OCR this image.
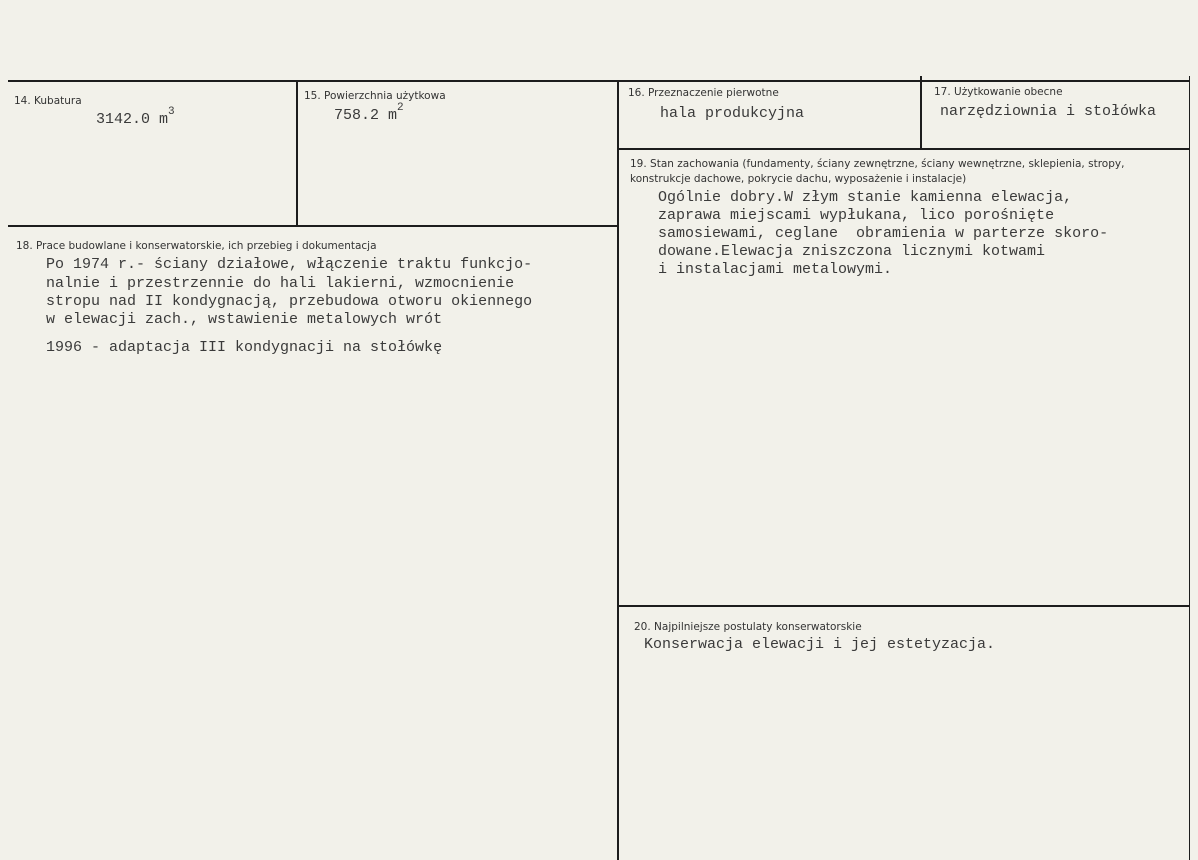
14. Kubatura
3142.0 $m^3$
15. Powierzchnia użytkowa
758.2 $m^2$
16. Przeznaczenie pierwotne
hala produkcyjna
17. Użytkowanie obecne
narzędziownia i stołówka
18. Prace budowlane i konserwatorskie, ich przebieg i dokumentacja
Po 1974 r.- ściany działowe, włączenie traktu funkcjo-
nalnie i przestrzennie do hali lakierni, wzmocnienie
stropu nad II kondygnacją, przebudowa otworu okiennego
w elewacji zach., wstawienie metalowych wrót
1996 - adaptacja III kondygnacji na stołówkę
19. Stan zachowania (fundamenty, ściany zewnętrzne, ściany wewnętrzne, sklepienia, stropy, konstrukcje dachowe, pokrycie dachu, wyposażenie i instalacje)
Ogólnie dobry.W złym stanie kamienna elewacja,
zaprawa miejscami wypłukana, lico porośnięte
samosiewami, ceglane  obramienia w parterze skoro-
dowane.Elewacja zniszczona licznymi kotwami
i instalacjami metalowymi.
20. Najpilniejsze postulaty konserwatorskie
Konserwacja elewacji i jej estetyzacja.
